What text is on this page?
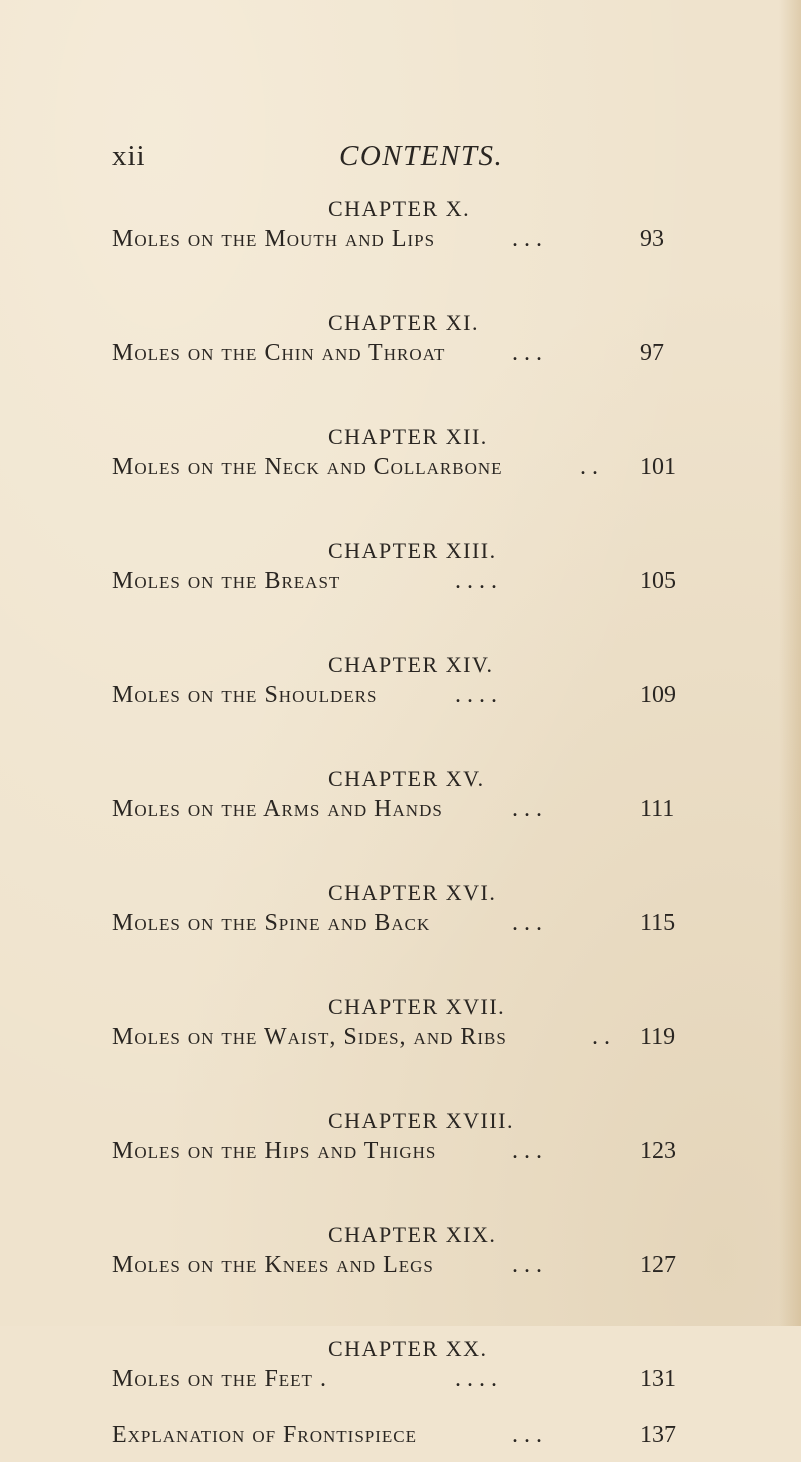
xii	CONTENTS.
CHAPTER X.
Moles on the Mouth and Lips	. . .	93
CHAPTER XI.
Moles on the Chin and Throat	. . .	97
CHAPTER XII.
Moles on the Neck and Collarbone	. . 101
CHAPTER XIII.
Moles on the Breast	. . . .	105
CHAPTER XIV.
Moles on the Shoulders	. . . .	109
CHAPTER XV.
Moles on the Arms and Hands	. . .	111
CHAPTER XVI.
Moles on the Spine and Back	. . .	115
CHAPTER XVII.
Moles on the Waist, Sides, and Ribs	. . 119
CHAPTER XVIII.
Moles on the Hips and Thighs	. . .	123
CHAPTER XIX.
Moles on the Knees and Legs	. . .	127
CHAPTER XX.
Moles on the Feet .	. . . .	131
Explanation of Frontispiece	. . .	137
